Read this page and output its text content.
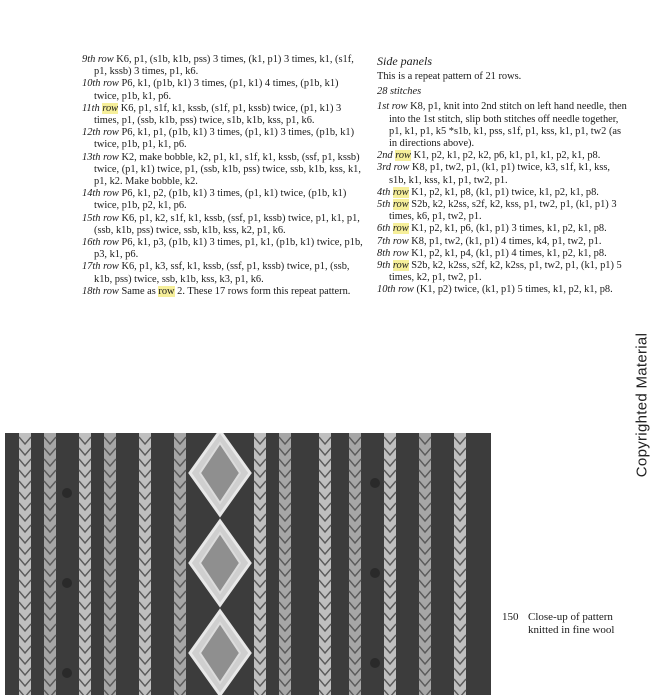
9th row K6, p1, (s1b, k1b, pss) 3 times, (k1, p1) 3 times, k1, (s1f, p1, kssb) 3 times, p1, k6.
10th row P6, k1, (p1b, k1) 3 times, (p1, k1) 4 times, (p1b, k1) twice, p1b, k1, p6.
11th row K6, p1, s1f, k1, kssb, (s1f, p1, kssb) twice, (p1, k1) 3 times, p1, (ssb, k1b, pss) twice, s1b, k1b, kss, p1, k6.
12th row P6, k1, p1, (p1b, k1) 3 times, (p1, k1) 3 times, (p1b, k1) twice, p1b, p1, k1, p6.
13th row K2, make bobble, k2, p1, k1, s1f, k1, kssb, (ssf, p1, kssb) twice, (p1, k1) twice, p1, (ssb, k1b, pss) twice, ssb, k1b, kss, k1, p1, k2. Make bobble, k2.
14th row P6, k1, p2, (p1b, k1) 3 times, (p1, k1) twice, (p1b, k1) twice, p1b, p2, k1, p6.
15th row K6, p1, k2, s1f, k1, kssb, (ssf, p1, kssb) twice, p1, k1, p1, (ssb, k1b, pss) twice, ssb, k1b, kss, k2, p1, k6.
16th row P6, k1, p3, (p1b, k1) 3 times, p1, k1, (p1b, k1) twice, p1b, p3, k1, p6.
17th row K6, p1, k3, ssf, k1, kssb, (ssf, p1, kssb) twice, p1, (ssb, k1b, pss) twice, ssb, k1b, kss, k3, p1, k6.
18th row Same as row 2. These 17 rows form this repeat pattern.
Side panels
This is a repeat pattern of 21 rows.
28 stitches
1st row K8, p1, knit into 2nd stitch on left hand needle, then into the 1st stitch, slip both stitches off needle together, p1, k1, p1, k5 *s1b, k1, pss, s1f, p1, kss, k1, p1, tw2 (as in directions above).
2nd row K1, p2, k1, p2, k2, p6, k1, p1, k1, p2, k1, p8.
3rd row K8, p1, tw2, p1, (k1, p1) twice, k3, s1f, k1, kss, s1b, k1, kss, k1, p1, tw2, p1.
4th row K1, p2, k1, p8, (k1, p1) twice, k1, p2, k1, p8.
5th row S2b, k2, k2ss, s2f, k2, kss, p1, tw2, p1, (k1, p1) 3 times, k6, p1, tw2, p1.
6th row K1, p2, k1, p6, (k1, p1) 3 times, k1, p2, k1, p8.
7th row K8, p1, tw2, (k1, p1) 4 times, k4, p1, tw2, p1.
8th row K1, p2, k1, p4, (k1, p1) 4 times, k1, p2, k1, p8.
9th row S2b, k2, k2ss, s2f, k2, k2ss, p1, tw2, p1, (k1, p1) 5 times, k2, p1, tw2, p1.
10th row (K1, p2) twice, (k1, p1) 5 times, k1, p2, k1, p8.
Copyrighted Material
150 Close-up of pattern
knitted in fine wool
